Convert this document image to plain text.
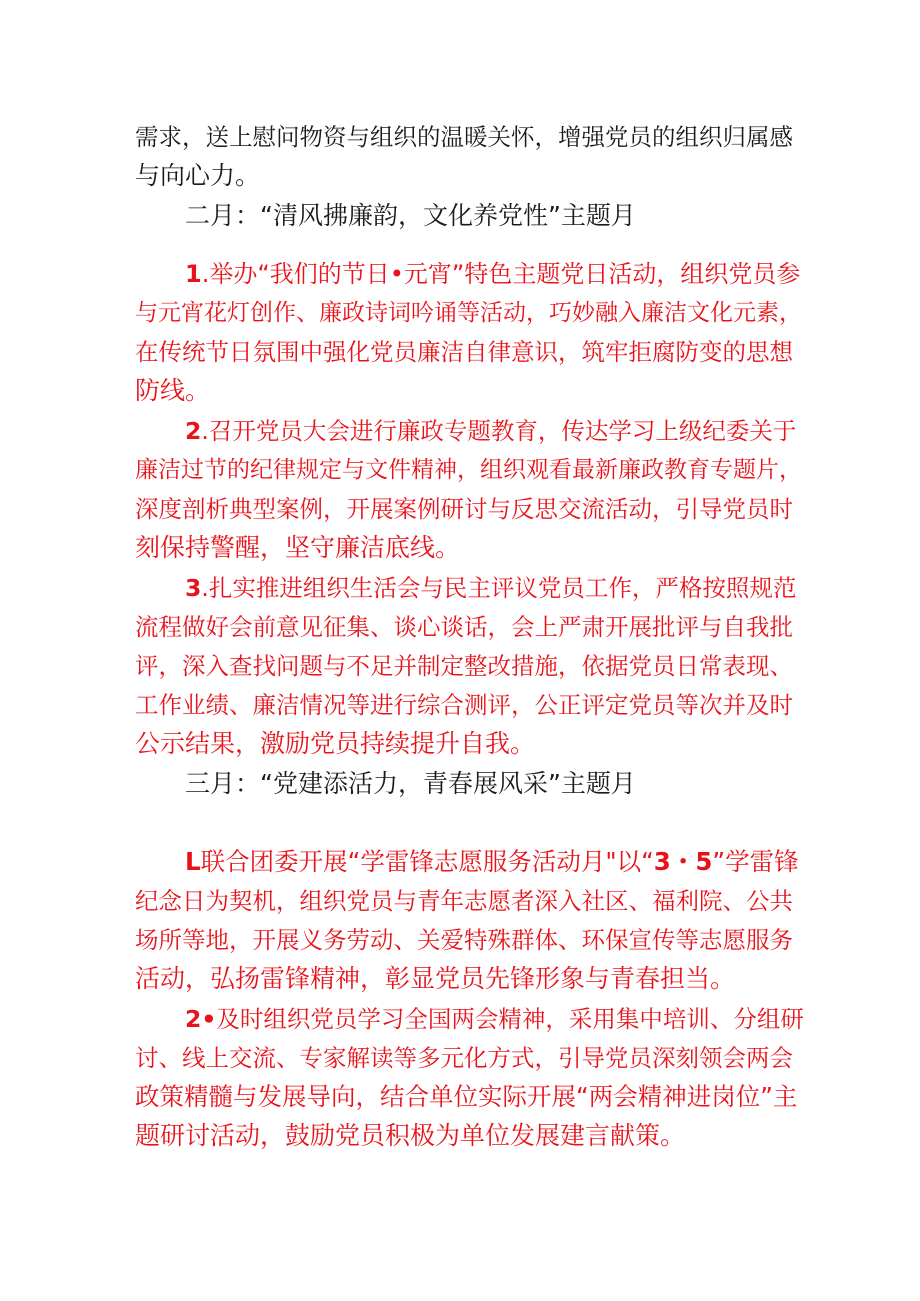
需求，送上慰问物资与组织的温暖关怀，增强党员的组织归属感
与向心力。
二月：“清风拂廉韵，文化养党性”主题月
1.举办“我们的节日•元宵”特色主题党日活动，组织党员参
与元宵花灯创作、廉政诗词吟诵等活动，巧妙融入廉洁文化元素，
在传统节日氛围中强化党员廉洁自律意识，筑牢拒腐防变的思想
防线。
2.召开党员大会进行廉政专题教育，传达学习上级纪委关于
廉洁过节的纪律规定与文件精神，组织观看最新廉政教育专题片，
深度剖析典型案例，开展案例研讨与反思交流活动，引导党员时
刻保持警醒，坚守廉洁底线。
3.扎实推进组织生活会与民主评议党员工作，严格按照规范
流程做好会前意见征集、谈心谈话，会上严肃开展批评与自我批
评，深入查找问题与不足并制定整改措施，依据党员日常表现、
工作业绩、廉洁情况等进行综合测评，公正评定党员等次并及时
公示结果，激励党员持续提升自我。
三月：“党建添活力，青春展风采”主题月
L联合团委开展“学雷锋志愿服务活动月"以“3・5”学雷锋
纪念日为契机，组织党员与青年志愿者深入社区、福利院、公共
场所等地，开展义务劳动、关爱特殊群体、环保宣传等志愿服务
活动，弘扬雷锋精神，彰显党员先锋形象与青春担当。
2•及时组织党员学习全国两会精神，采用集中培训、分组研
讨、线上交流、专家解读等多元化方式，引导党员深刻领会两会
政策精髓与发展导向，结合单位实际开展“两会精神进岗位”主
题研讨活动，鼓励党员积极为单位发展建言献策。
